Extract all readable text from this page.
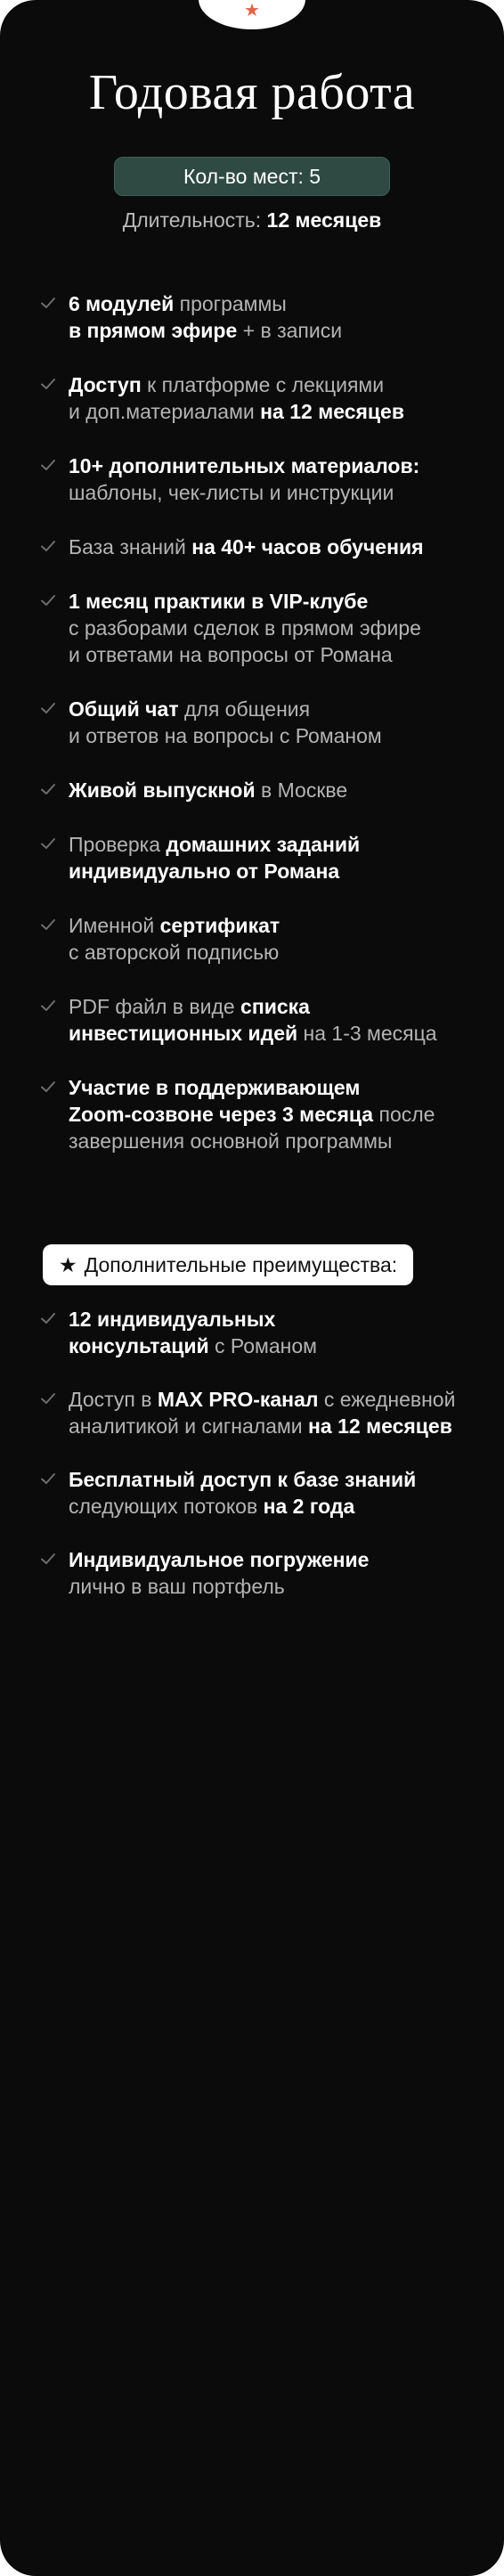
★
Годовая работа
Кол-во мест: 5
Длительность: 12 месяцев
6 модулей программы
в прямом эфире + в записи
Доступ к платформе с лекциями
и доп.материалами на 12 месяцев
10+ дополнительных материалов:
шаблоны, чек-листы и инструкции
База знаний на 40+ часов обучения
1 месяц практики в VIP-клубе
с разборами сделок в прямом эфире
и ответами на вопросы от Романа
Общий чат для общения
и ответов на вопросы с Романом
Живой выпускной в Москве
Проверка домашних заданий
индивидуально от Романа
Именной сертификат
с авторской подписью
PDF файл в виде списка
инвестиционных идей на 1-3 месяца
Участие в поддерживающем
Zoom-созвоне через 3 месяца после
завершения основной программы
★ Дополнительные преимущества:
12 индивидуальных
консультаций с Романом
Доступ в MAX PRO-канал с ежедневной
аналитикой и сигналами на 12 месяцев
Бесплатный доступ к базе знаний
следующих потоков на 2 года
Индивидуальное погружение
лично в ваш портфель
